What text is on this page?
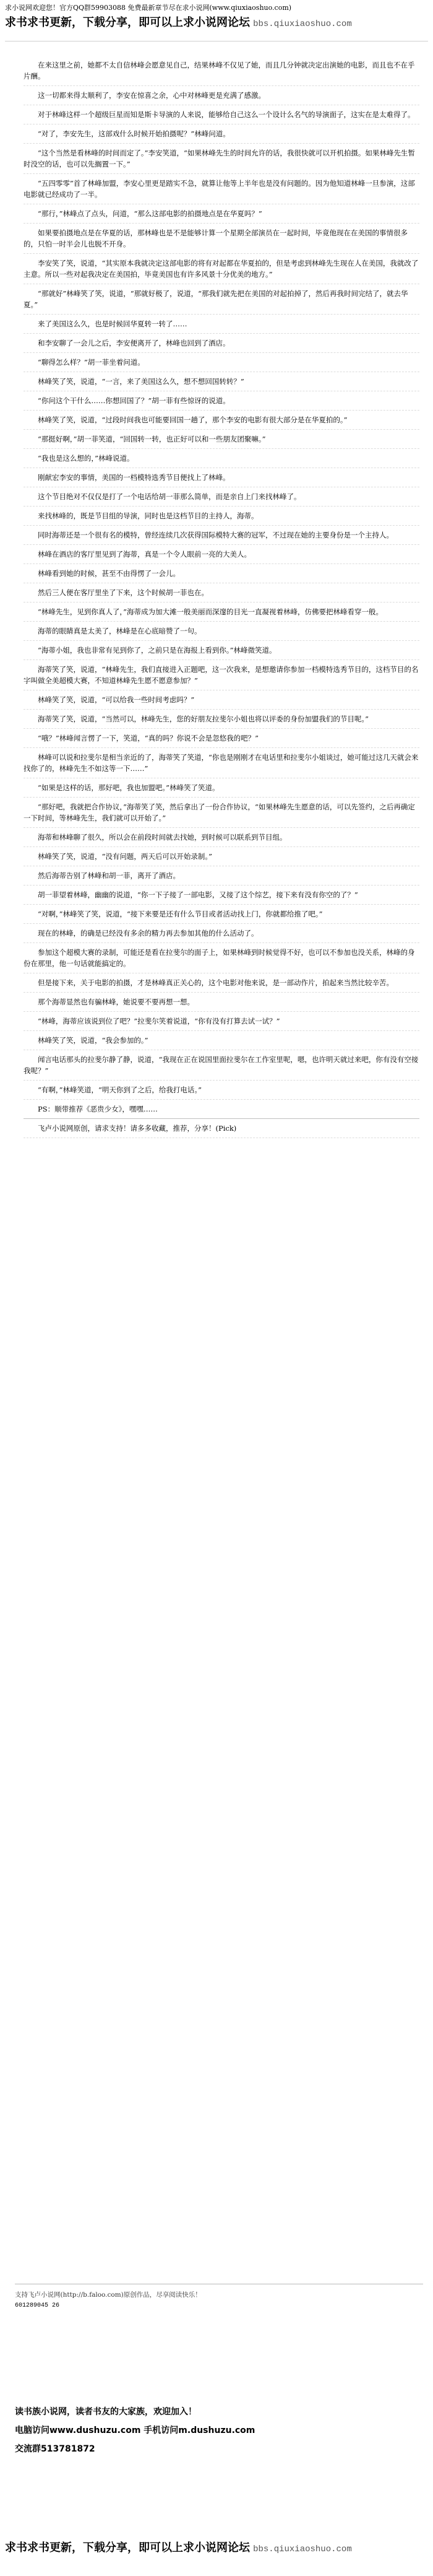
求小说网欢迎您！官方QQ群59903088 免费最新章节尽在求小说网(www.qiuxiaoshuo.com)
求书求书更新，下载分享，即可以上求小说网论坛 bbs.qiuxiaoshuo.com

在来这里之前，她都不太自信林峰会愿意见自己，结果林峰不仅见了她，而且几分钟就决定出演她的电影，而且也不在乎片酬。

这一切都来得太顺利了，李安在惊喜之余，心中对林峰更是充满了感激。

对于林峰这样一个超级巨星而知是斯卡导演的人来说，能够给自己这么一个设计么名气的导演面子，这实在是太难得了。

“对了，李安先生，这部戏什么时候开始拍摄呢？”林峰问道。

“这个当然是看林峰的时间而定了。”李安笑道，“如果林峰先生的时间允许的话，我很快就可以开机拍摄。如果林峰先生暂时没空的话，也可以先搁置一下。”

“五四零零”首了林峰加盟，李安心里更是踏实不急，就算让他等上半年也是没有问题的。因为他知道林峰一旦参演，这部电影就已经成功了一半。

“那行，”林峰点了点头，问道，“那么这部电影的拍摄地点是在华夏吗？”

如果要拍摄地点是在华夏的话，那林峰也是不是能够计算一个星期全部演员在一起时间，毕竟他现在在美国的事情很多的，只怕一时半会儿也脱不开身。

李安笑了笑，说道，“其实原本我就决定这部电影的将有对起都在华夏拍的，但是考虑到林峰先生现在人在美国，我就改了主意。所以一些对起我决定在美国拍，毕竟美国也有许多风景十分优美的地方。”

“那就好”林峰笑了笑，说道，“那就好极了，说道，“那我们就先把在美国的对起拍掉了，然后再我时间完结了，就去华夏。”

来了美国这么久，也是时候回华夏转一转了……

和李安聊了一会儿之后，李安便离开了，林峰也回到了酒店。

“聊得怎么样？”胡一菲坐着问道。

林峰笑了笑，说道，“一言，来了美国这么久，想不想回国转转？”

“你问这个干什么……你想回国了？”胡一菲有些惊讶的说道。

林峰笑了笑，说道，“过段时间我也可能要回国一趟了，那个李安的电影有很大部分是在华夏拍的。”

“那挺好啊，”胡一菲笑道，“回国转一转，也正好可以和一些朋友团聚嘛。”

“我也是这么想的，”林峰说道。

刚献宏李安的事情，美国的一档模特选秀节目便找上了林峰。

这个节目绝对不仅仅是打了一个电话给胡一菲那么简单，而是亲自上门来找林峰了。

来找林峰的，既是节目组的导演，同时也是这档节目的主持人，海蒂。

同时海蒂还是一个很有名的模特，曾经连续几次获得国际模特大赛的冠军，不过现在她的主要身份是一个主持人。

林峰在酒店的客厅里见到了海蒂，真是一个令人眼前一亮的大美人。

林峰看到她的时候，甚至不由得愣了一会儿。

然后三人便在客厅里坐了下来，这个时候胡一菲也在。

“林峰先生，见到你真人了，”海蒂成为加大滩一般美丽而深邃的目光一直凝视着林峰，仿佛要把林峰看穿一般。

海蒂的眼睛真是太美了，林峰是在心底暗赞了一句。

“海蒂小姐，我也非常有见到你了，之前只是在海报上看到你。”林峰微笑道。

海蒂笑了笑，说道，“林峰先生，我们直接进入正题吧，这一次我来，是想邀请你参加一档模特选秀节目的，这档节目的名字叫做全美超模大赛，不知道林峰先生愿不愿意参加？”

林峰笑了笑，说道，“可以给我一些时间考虑吗？”

海蒂笑了笑，说道，“当然可以，林峰先生，您的好朋友拉斐尔小姐也将以评委的身份加盟我们的节目呢。”

“哦？”林峰闻言愣了一下，笑道，“真的吗？你说不会是忽悠我的吧？”

林峰可以说和拉斐尔是相当亲近的了，海蒂笑了笑道，“你也是刚刚才在电话里和拉斐尔小姐谈过，她可能过这几天就会来找你了的，林峰先生不如这等一下……”

“如果是这样的话，那好吧，我也加盟吧。”林峰笑了笑道。

“那好吧，我就把合作协议，”海蒂笑了笑，然后拿出了一份合作协议，“如果林峰先生愿意的话，可以先签约，之后再确定一下时间，等林峰先生，我们就可以开始了。”

海蒂和林峰聊了很久，所以会在前段时间就去找她，到时候可以联系到节目组。

林峰笑了笑，说道，“没有问题，两天后可以开始录制。”

然后海蒂告别了林峰和胡一菲，离开了酒店。

胡一菲望着林峰，幽幽的说道，“你一下子接了一部电影，又接了这个综艺，接下来有没有你空的了？”

“对啊，”林峰笑了笑，说道，“接下来要是还有什么节目或者活动找上门，你就都给推了吧。”

现在的林峰，的确是已经没有多余的精力再去参加其他的什么活动了。

参加这个超模大赛的录制，可能还是看在拉斐尔的面子上，如果林峰到时候觉得不好，也可以不参加也没关系，林峰的身份在那里，他一句话就能搞定的。

但是接下来，关于电影的拍摄，才是林峰真正关心的，这个电影对他来说，是一部动作片，拍起来当然比较辛苦。

那个海蒂显然也有骗林峰，她说要不要再想一想。

“林峰，海蒂应该说到位了吧？”拉斐尔笑着说道，“你有没有打算去试一试？”

林峰笑了笑，说道，“我会参加的。”

闻言电话那头的拉斐尔静了静，说道，“我现在正在说国里面拉斐尔在工作室里呢，嗯，也许明天就过来吧，你有没有空接我呢？”

“有啊，”林峰笑道，“明天你到了之后，给我打电话。”

PS：顺带推荐《恶贵少女》，嘿嘿……

飞卢小说网原创，请求支持！请多多收藏，推荐，分享！(Pick)

支持飞卢小说网(http://b.faloo.com)原创作品，尽享阅读快乐！
601289045 26
读书族小说网，读者书友的大家族，欢迎加入！
电脑访问www.dushuzu.com 手机访问m.dushuzu.com
交流群513781872
求书求书更新，下载分享，即可以上求小说网论坛 bbs.qiuxiaoshuo.com
